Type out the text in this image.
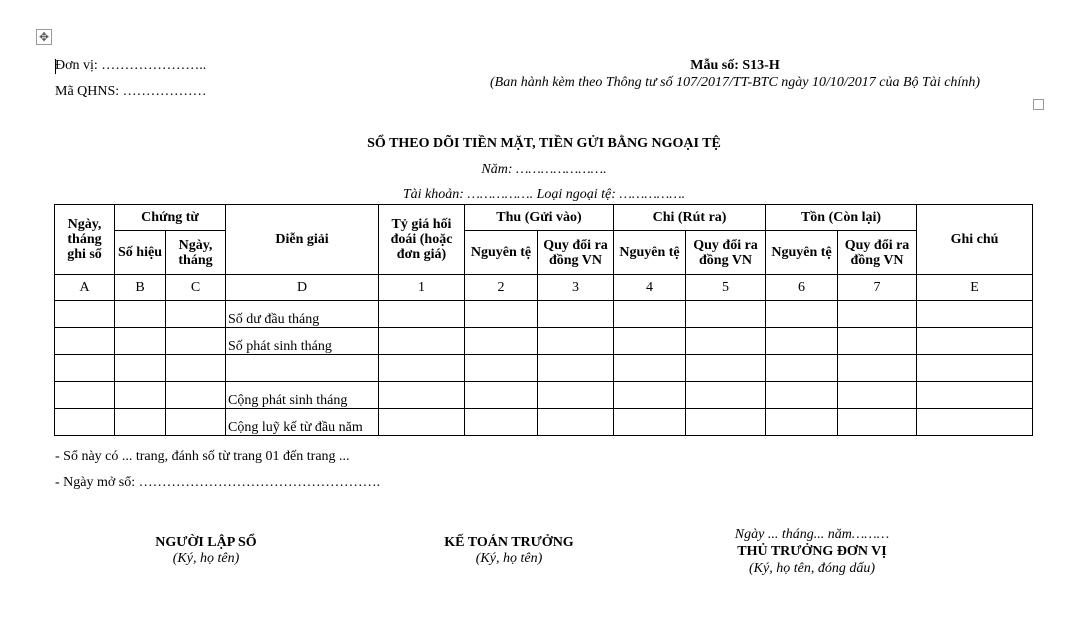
✥
Đơn vị: …………………..
Mã QHNS: ………………
Mẫu số: S13-H
(Ban hành kèm theo Thông tư số 107/2017/TT-BTC ngày 10/10/2017 của Bộ Tài chính)
SỔ THEO DÕI TIỀN MẶT, TIỀN GỬI BẰNG NGOẠI TỆ
Năm: ………………….
Tài khoản: ……………. Loại ngoại tệ: …………….
Ngày, tháng ghi sổ	Chứng từ		Diễn giải	Tỷ giá hối đoái (hoặc đơn giá)	Thu (Gửi vào)		Chi (Rút ra)		Tồn (Còn lại)		Ghi chú
	Số hiệu	Ngày, tháng			Nguyên tệ	Quy đổi ra đồng VN	Nguyên tệ	Quy đổi ra đồng VN	Nguyên tệ	Quy đổi ra đồng VN	
A	B	C	D	1	2	3	4	5	6	7	E
			Số dư đầu tháng								
			Số phát sinh tháng								

			Cộng phát sinh tháng								
			Cộng luỹ kế từ đầu năm								
- Sổ này có ... trang, đánh số từ trang 01 đến trang ...
- Ngày mở sổ: …………………………………………….
NGƯỜI LẬP SỔ
(Ký, họ tên)
KẾ TOÁN TRƯỞNG
(Ký, họ tên)
Ngày ... tháng... năm………
THỦ TRƯỞNG ĐƠN VỊ
(Ký, họ tên, đóng dấu)
